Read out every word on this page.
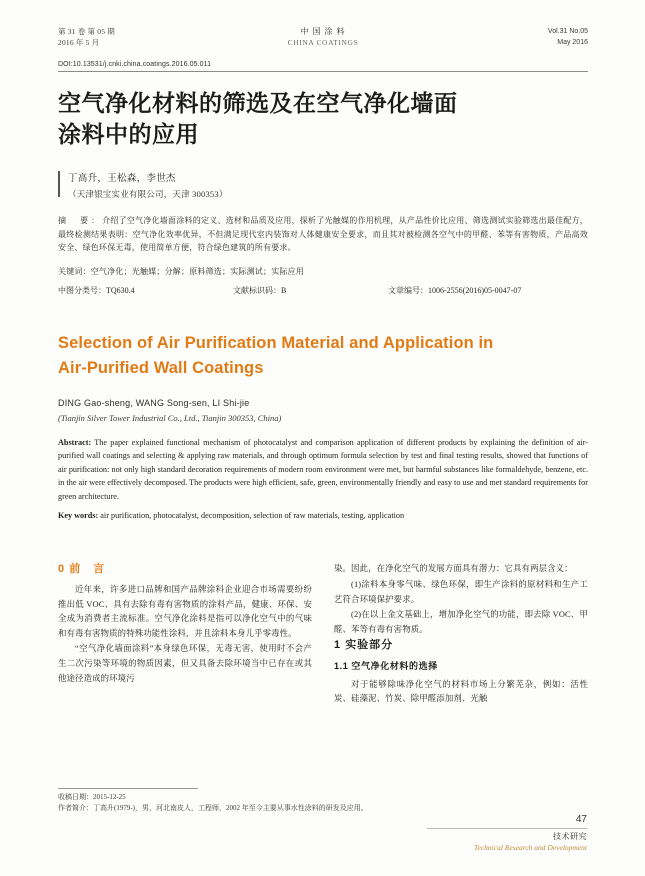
第 31 卷 第 05 期
2016 年 5 月
中 国 涂 料
CHINA COATINGS
Vol.31 No.05
May 2016
DOI:10.13531/j.cnki.china.coatings.2016.05.011
空气净化材料的筛选及在空气净化墙面
涂料中的应用
丁高升，王松森，李世杰
（天津银宝实业有限公司，天津 300353）
摘　要：介绍了空气净化墙面涂料的定义、选材和品质及应用，探析了光触媒的作用机理，从产品性价比应用、筛选测试实验筛选出最佳配方，最终检测结果表明：空气净化效率优异，不但满足现代室内装饰对人体健康安全要求，而且其对被检测各空气中的甲醛、苯等有害物质，产品高效安全、绿色环保无毒，使用简单方便，符合绿色建筑的所有要求。
关键词：空气净化；光触媒；分解；原料筛选；实际测试；实际应用
中图分类号：TQ630.4	文献标识码：B	文章编号：1006-2556(2016)05-0047-07
Selection of Air Purification Material and Application in
Air-Purified Wall Coatings
DING Gao-sheng, WANG Song-sen, LI Shi-jie
(Tianjin Silver Tower Industrial Co., Ltd., Tianjin 300353, China)
Abstract: The paper explained functional mechanism of photocatalyst and comparison application of different products by explaining the definition of air-purified wall coatings and selecting & applying raw materials, and through optimum formula selection by test and final testing results, showed that functions of air purification: not only high standard decoration requirements of modern room environment were met, but harmful substances like formaldehyde, benzene, etc. in the air were effectively decomposed. The products were high efficient, safe, green, environmentally friendly and easy to use and met standard requirements for green architecture.
Key words: air purification, photocatalyst, decomposition, selection of raw materials, testing, application
0 前　言

近年来，许多进口品牌和国产品牌涂料企业迎合市场需要纷纷推出低 VOC、具有去除有毒有害物质的涂料产品，健康、环保、安全成为消费者主流标准。空气净化涂料是指可以净化空气中的气味和有毒有害物质的特殊功能性涂料，并且涂料本身儿乎零毒性。

“空气净化墙面涂料”本身绿色环保，无毒无害，使用时不会产生二次污染等环境的物质因素，但又具备去除环境当中已存在或其他途径造成的环境污

染。因此，在净化空气的发展方面具有潜力：它具有两层含义：

(1)涂料本身零气味、绿色环保，即生产涂料的原材料和生产工艺符合环境保护要求。

(2)在以上金文基础上，增加净化空气的功能，即去除 VOC、甲醛、苯等有毒有害物质。

1 实验部分
1.1 空气净化材料的选择

对于能够除味净化空气的材料市场上分繁芜杂，例如：活性炭、硅藻泥、竹炭、除甲醛添加剂、光触

收稿日期：2015-12-25
作者简介：丁高升(1979-)，男，河北南皮人，工程师，2002 年至今主要从事水性涂料的研发及应用。
47
技术研究
Technical Research and Development
